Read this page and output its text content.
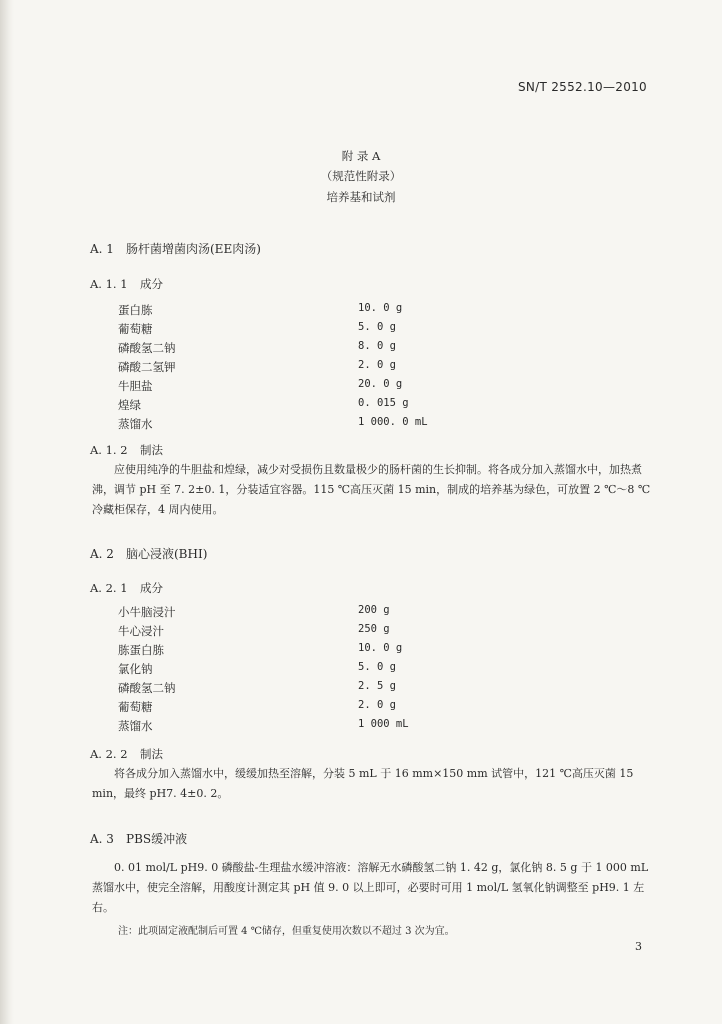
SN/T 2552.10—2010
附 录 A
（规范性附录）
培养基和试剂
A. 1 肠杆菌增菌肉汤(EE肉汤)
A. 1. 1 成分
蛋白胨	10. 0 g
葡萄糖	5. 0 g
磷酸氢二钠	8. 0 g
磷酸二氢钾	2. 0 g
牛胆盐	20. 0 g
煌绿	0. 015 g
蒸馏水	1 000. 0 mL
A. 1. 2 制法

应使用纯净的牛胆盐和煌绿，减少对受损伤且数量极少的肠杆菌的生长抑制。将各成分加入蒸馏水中，加热煮沸，调节 pH 至 7. 2±0. 1，分装适宜容器。115 ℃高压灭菌 15 min，制成的培养基为绿色，可放置 2 ℃～8 ℃冷藏柜保存，4 周内使用。

A. 2 脑心浸液(BHI)
A. 2. 1 成分
小牛脑浸汁	200 g
牛心浸汁	250 g
胨蛋白胨	10. 0 g
氯化钠	5. 0 g
磷酸氢二钠	2. 5 g
葡萄糖	2. 0 g
蒸馏水	1 000 mL
A. 2. 2 制法

将各成分加入蒸馏水中，缓缓加热至溶解，分装 5 mL 于 16 mm×150 mm 试管中，121 ℃高压灭菌 15 min，最终 pH7. 4±0. 2。

A. 3 PBS缓冲液

0. 01 mol/L pH9. 0 磷酸盐-生理盐水缓冲溶液：溶解无水磷酸氢二钠 1. 42 g，氯化钠 8. 5 g 于 1 000 mL蒸馏水中，使完全溶解，用酸度计测定其 pH 值 9. 0 以上即可，必要时可用 1 mol/L 氢氧化钠调整至 pH9. 1 左右。

注：此项固定液配制后可置 4 ℃储存，但重复使用次数以不超过 3 次为宜。
3
